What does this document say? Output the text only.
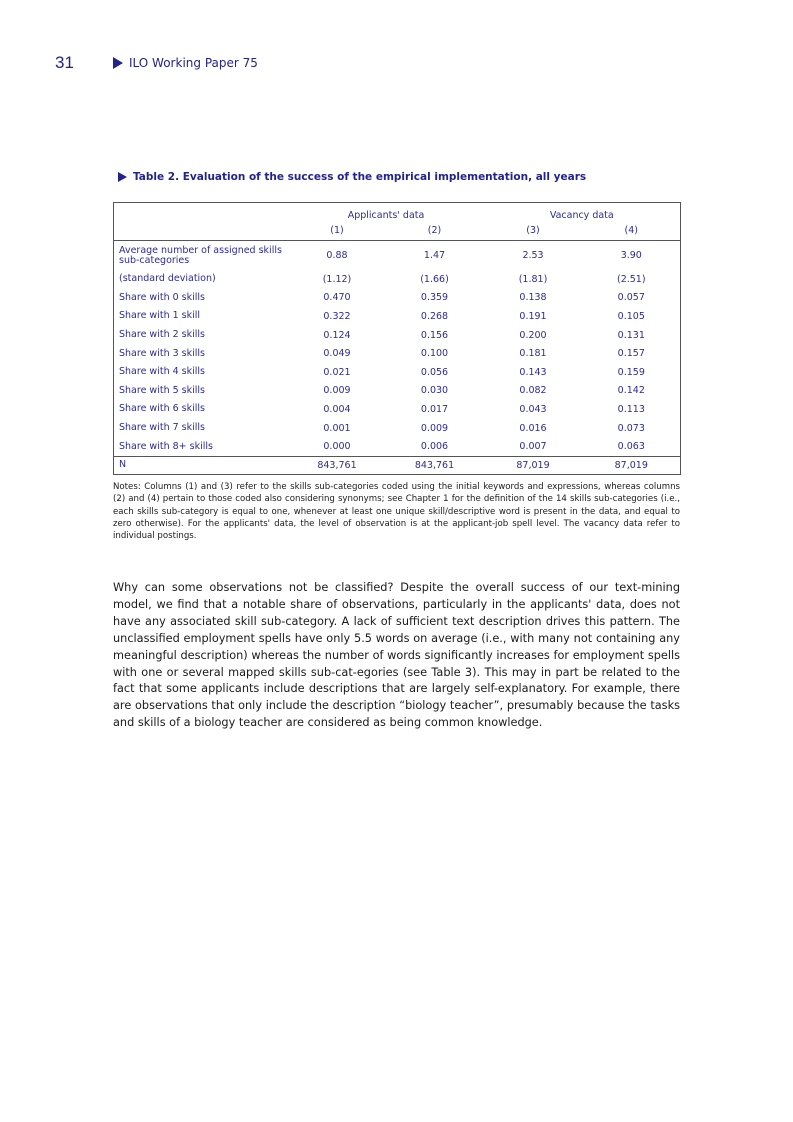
31	ILO Working Paper 75
Table 2. Evaluation of the success of the empirical implementation, all years
	Applicants' data		Vacancy data	
	(1)	(2)	(3)	(4)
Average number of assigned skills sub-categories	0.88	1.47	2.53	3.90
(standard deviation)	(1.12)	(1.66)	(1.81)	(2.51)
Share with 0 skills	0.470	0.359	0.138	0.057
Share with 1 skill	0.322	0.268	0.191	0.105
Share with 2 skills	0.124	0.156	0.200	0.131
Share with 3 skills	0.049	0.100	0.181	0.157
Share with 4 skills	0.021	0.056	0.143	0.159
Share with 5 skills	0.009	0.030	0.082	0.142
Share with 6 skills	0.004	0.017	0.043	0.113
Share with 7 skills	0.001	0.009	0.016	0.073
Share with 8+ skills	0.000	0.006	0.007	0.063
N	843,761	843,761	87,019	87,019
Notes: Columns (1) and (3) refer to the skills sub-categories coded using the initial keywords and expressions, whereas columns (2) and (4) pertain to those coded also considering synonyms; see Chapter 1 for the definition of the 14 skills sub-categories (i.e., each skills sub-category is equal to one, whenever at least one unique skill/descriptive word is present in the data, and equal to zero otherwise). For the applicants' data, the level of observation is at the applicant-job spell level. The vacancy data refer to individual postings.
Why can some observations not be classified? Despite the overall success of our text-mining model, we find that a notable share of observations, particularly in the applicants' data, does not have any associated skill sub-category. A lack of sufficient text description drives this pattern. The unclassified employment spells have only 5.5 words on average (i.e., with many not containing any meaningful description) whereas the number of words significantly increases for employment spells with one or several mapped skills sub-cat-egories (see Table 3). This may in part be related to the fact that some applicants include descriptions that are largely self-explanatory. For example, there are observations that only include the description “biology teacher”, presumably because the tasks and skills of a biology teacher are considered as being common knowledge.
